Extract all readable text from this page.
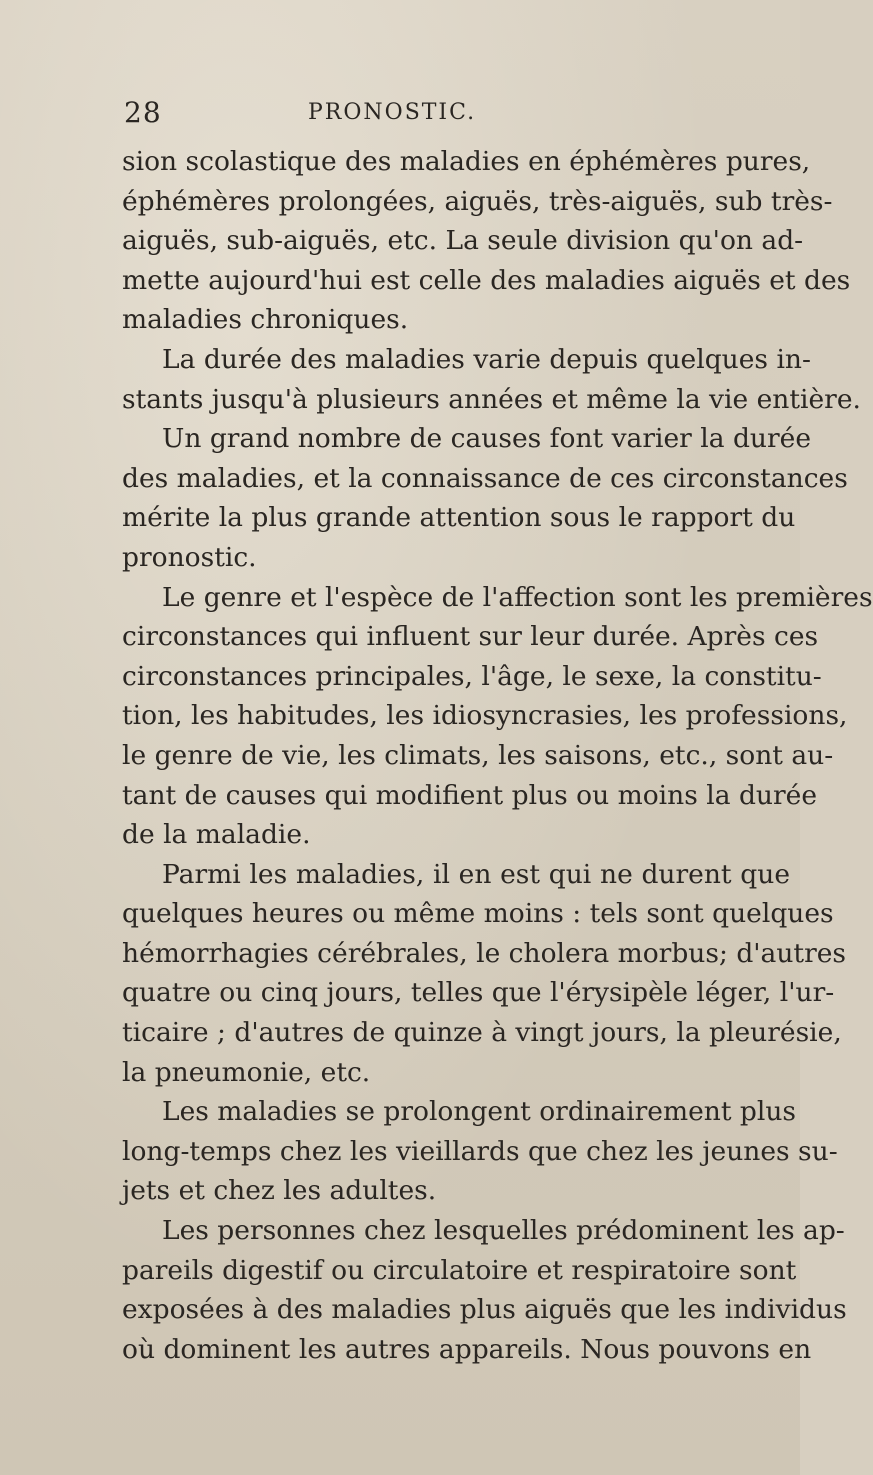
28	PRONOSTIC.
sion scolastique des maladies en éphémères pures,
éphémères prolongées, aiguës, très-aiguës, sub très-
aiguës, sub-aiguës, etc. La seule division qu'on ad-
mette aujourd'hui est celle des maladies aiguës et des
maladies chroniques.
La durée des maladies varie depuis quelques in-
stants jusqu'à plusieurs années et même la vie entière.
Un grand nombre de causes font varier la durée
des maladies, et la connaissance de ces circonstances
mérite la plus grande attention sous le rapport du
pronostic.
Le genre et l'espèce de l'affection sont les premières
circonstances qui influent sur leur durée. Après ces
circonstances principales, l'âge, le sexe, la constitu-
tion, les habitudes, les idiosyncrasies, les professions,
le genre de vie, les climats, les saisons, etc., sont au-
tant de causes qui modifient plus ou moins la durée
de la maladie.
Parmi les maladies, il en est qui ne durent que
quelques heures ou même moins : tels sont quelques
hémorrhagies cérébrales, le cholera morbus; d'autres
quatre ou cinq jours, telles que l'érysipèle léger, l'ur-
ticaire ; d'autres de quinze à vingt jours, la pleurésie,
la pneumonie, etc.
Les maladies se prolongent ordinairement plus
long-temps chez les vieillards que chez les jeunes su-
jets et chez les adultes.
Les personnes chez lesquelles prédominent les ap-
pareils digestif ou circulatoire et respiratoire sont
exposées à des maladies plus aiguës que les individus
où dominent les autres appareils. Nous pouvons en
